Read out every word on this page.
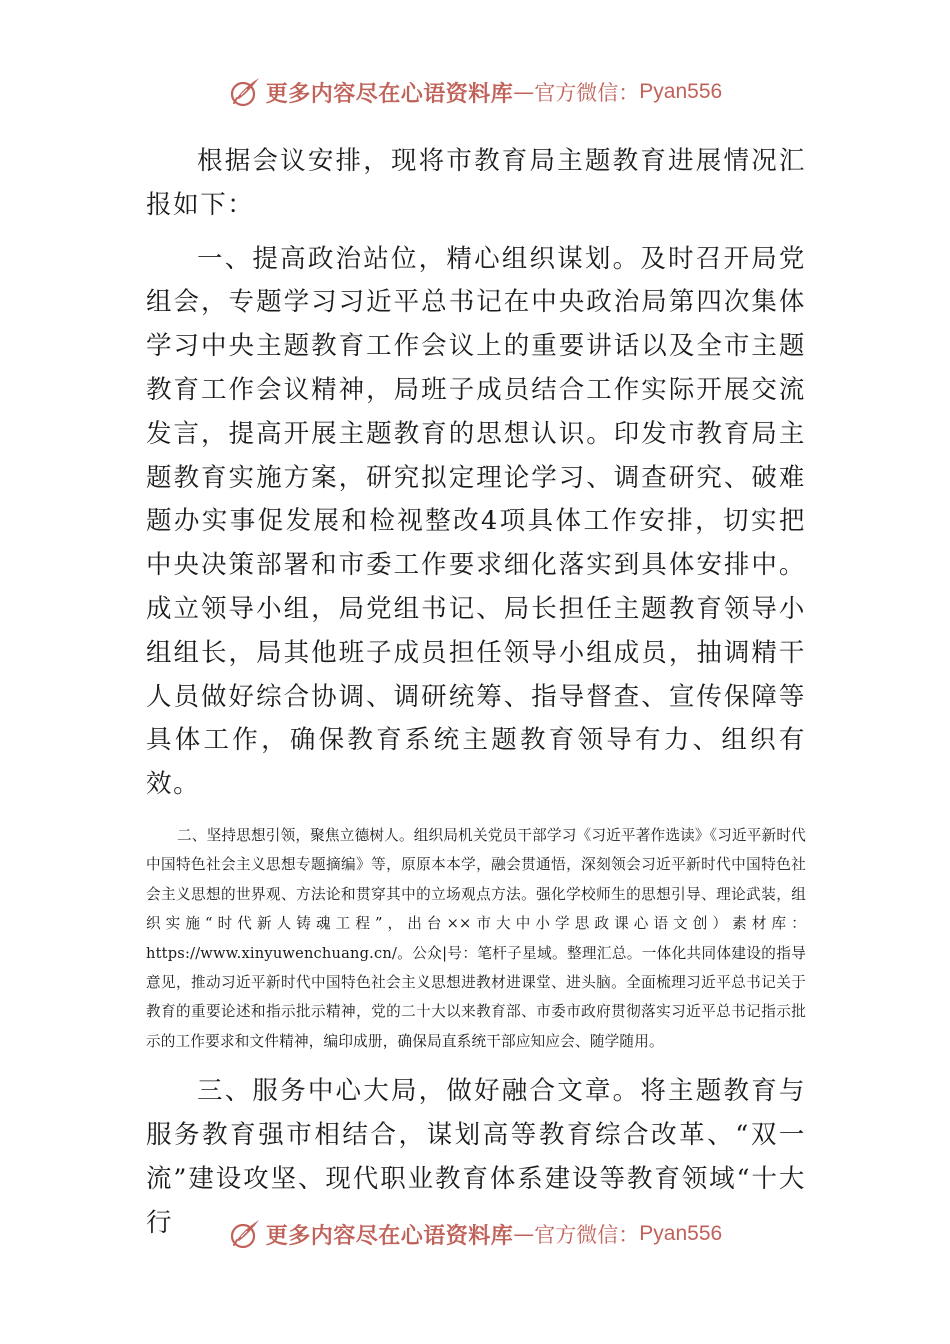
更多内容尽在心语资料库 — 官方微信： Pyan556

根据会议安排，现将市教育局主题教育进展情况汇报如下：

一、提高政治站位，精心组织谋划。及时召开局党组会，专题学习习近平总书记在中央政治局第四次集体学习中央主题教育工作会议上的重要讲话以及全市主题教育工作会议精神，局班子成员结合工作实际开展交流发言，提高开展主题教育的思想认识。印发市教育局主题教育实施方案，研究拟定理论学习、调查研究、破难题办实事促发展和检视整改4项具体工作安排，切实把中央决策部署和市委工作要求细化落实到具体安排中。成立领导小组，局党组书记、局长担任主题教育领导小组组长，局其他班子成员担任领导小组成员，抽调精干人员做好综合协调、调研统筹、指导督查、宣传保障等具体工作，确保教育系统主题教育领导有力、组织有效。

二、坚持思想引领，聚焦立德树人。组织局机关党员干部学习《习近平著作选读》《习近平新时代中国特色社会主义思想专题摘编》等，原原本本学，融会贯通悟，深刻领会习近平新时代中国特色社会主义思想的世界观、方法论和贯穿其中的立场观点方法。强化学校师生的思想引导、理论武装，组织实施“时代新人铸魂工程”，出台××市大中小学思政课心语文创）素材库：https://www.xinyuwenchuang.cn/。公众|号：笔杆子星域。整理汇总。一体化共同体建设的指导意见，推动习近平新时代中国特色社会主义思想进教材进课堂、进头脑。全面梳理习近平总书记关于教育的重要论述和指示批示精神，党的二十大以来教育部、市委市政府贯彻落实习近平总书记指示批示的工作要求和文件精神，编印成册，确保局直系统干部应知应会、随学随用。

三、服务中心大局，做好融合文章。将主题教育与服务教育强市相结合，谋划高等教育综合改革、“双一流”建设攻坚、现代职业教育体系建设等教育领域“十大行	更多内容尽在心语资料库 — 官方微信： Pyan556
